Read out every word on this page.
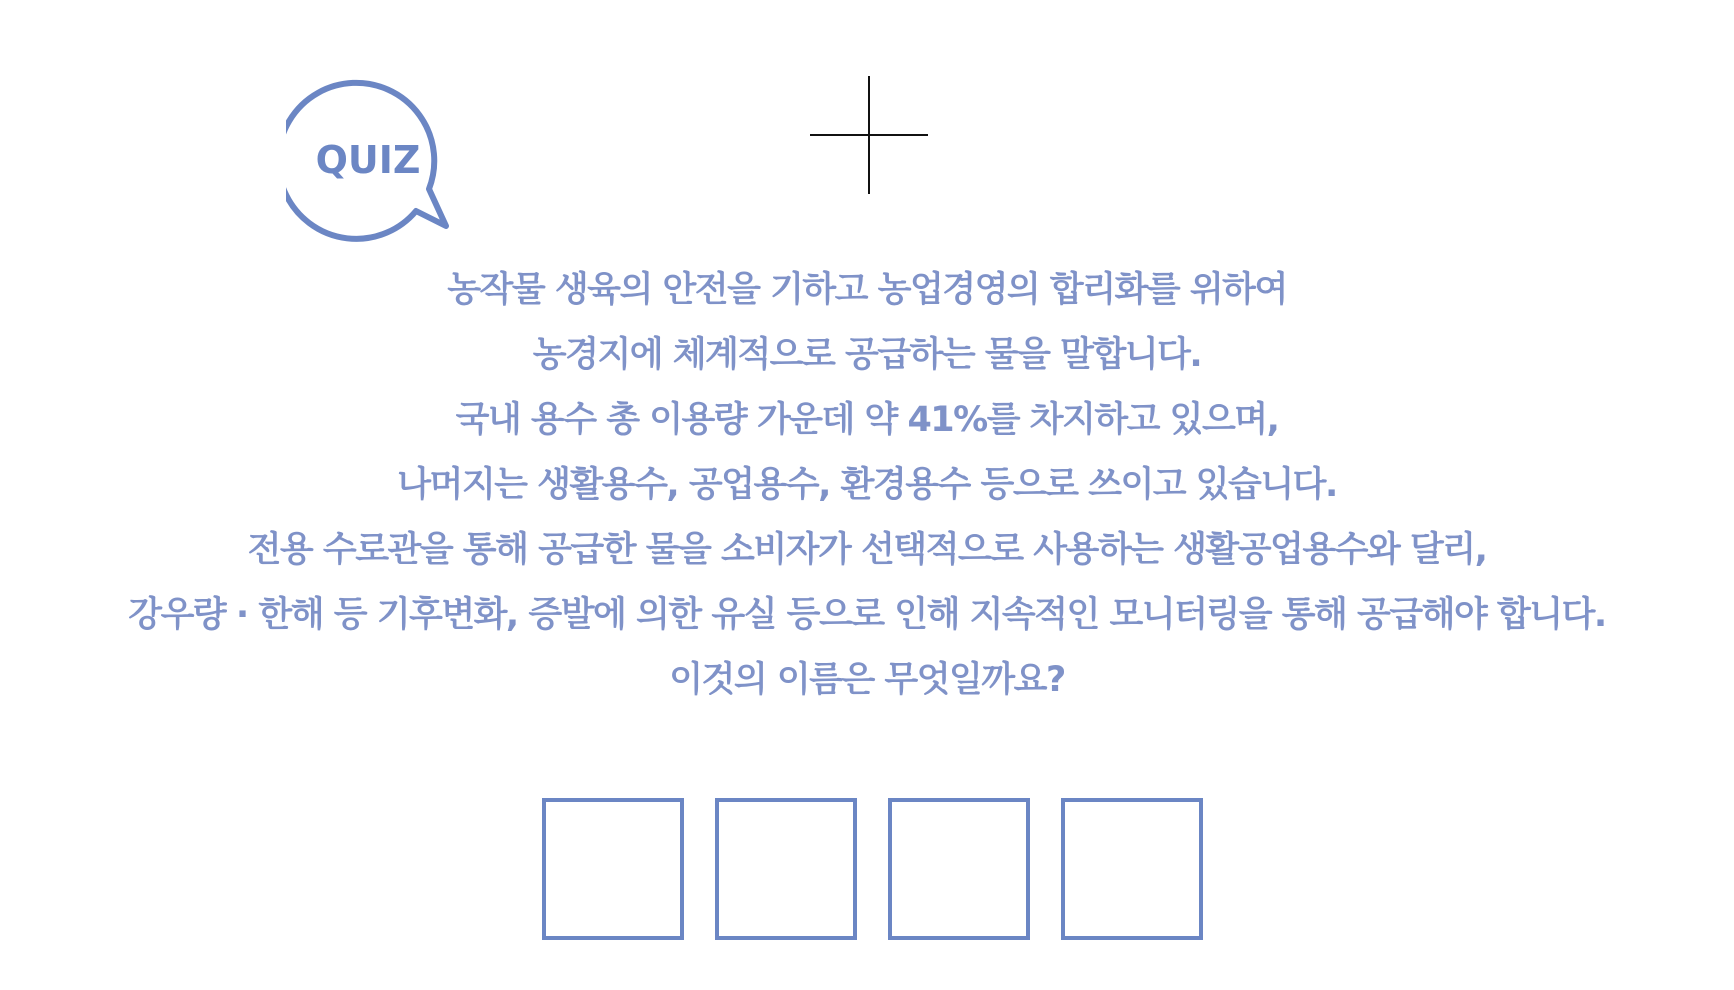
QUIZ
농작물 생육의 안전을 기하고 농업경영의 합리화를 위하여
농경지에 체계적으로 공급하는 물을 말합니다.
국내 용수 총 이용량 가운데 약 41%를 차지하고 있으며,
나머지는 생활용수, 공업용수, 환경용수 등으로 쓰이고 있습니다.
전용 수로관을 통해 공급한 물을 소비자가 선택적으로 사용하는 생활공업용수와 달리,
강우량 · 한해 등 기후변화, 증발에 의한 유실 등으로 인해 지속적인 모니터링을 통해 공급해야 합니다.
이것의 이름은 무엇일까요?
